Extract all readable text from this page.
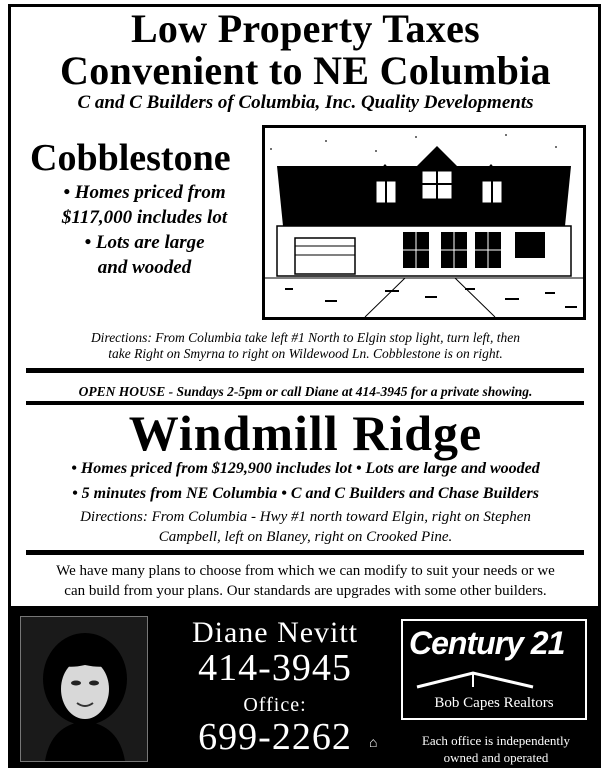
Low Property Taxes
Convenient to NE Columbia
C and C Builders of Columbia, Inc. Quality Developments
Cobblestone
• Homes priced from
$117,000 includes lot
• Lots are large
and wooded
Directions: From Columbia take left #1 North to Elgin stop light, turn left, then
take Right on Smyrna to right on Wildewood Ln. Cobblestone is on right.
OPEN HOUSE - Sundays 2-5pm or call Diane at 414-3945 for a private showing.
Windmill Ridge
• Homes priced from $129,900 includes lot • Lots are large and wooded
• 5 minutes from NE Columbia • C and C Builders and Chase Builders
Directions: From Columbia - Hwy #1 north toward Elgin, right on Stephen
Campbell, left on Blaney, right on Crooked Pine.
We have many plans to choose from which we can modify to suit your needs or we
can build from your plans. Our standards are upgrades with some other builders.
Diane Nevitt
414-3945
Office:
699-2262	⌂
Century 21
Bob Capes Realtors
Each office is independently
owned and operated
